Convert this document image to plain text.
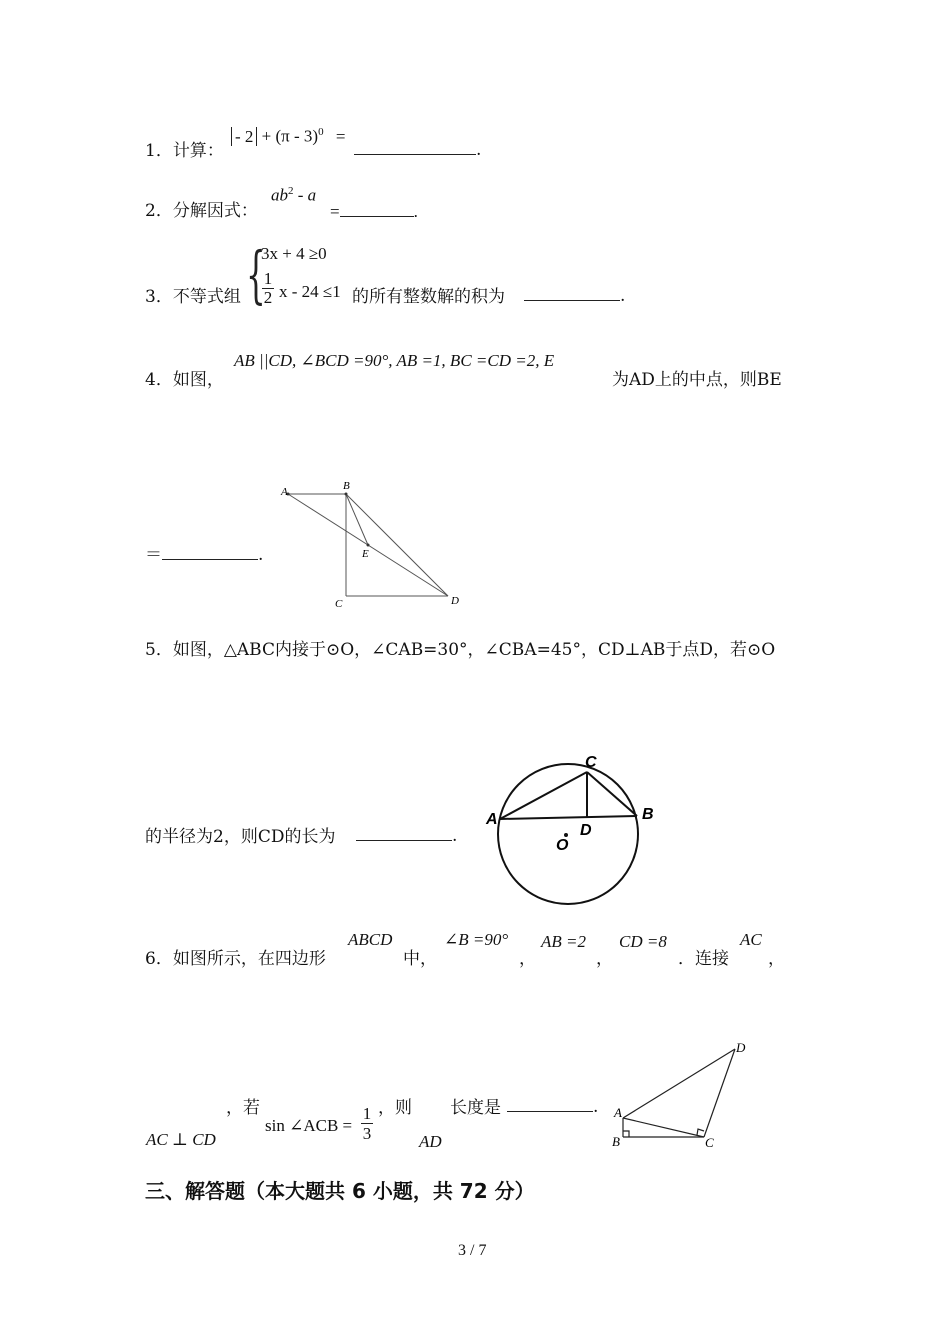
1．计算：
- 2 + (π - 3)$^0$ =
.
2．分解因式：
$ab^2$ - a
=	.
3．不等式组 {
3x + 4 ≥0
1
2 x - 24 ≤1 的所有整数解的积为	.
4．如图，
AB ||CD, ∠BCD =90°, AB =1, BC =CD =2, E
为AD上的中点，则BE
＝	.
A	B
C	D
E
5．如图，△ABC内接于⊙O，∠CAB=30°，∠CBA=45°，CD⊥AB于点D，若⊙O
的半径为2，则CD的长为	.
A	B
C
D
O
6．如图所示，在四边形
ABCD
中，
∠B =90°
，
AB =2
，
CD =8
．连接
AC
，
，若
AC ⊥ CD
sin ∠ACB =
1
3
，则
AD
长度是	. A
B	C
D
三、解答题（本大题共 6 小题，共 72 分）
3 / 7
